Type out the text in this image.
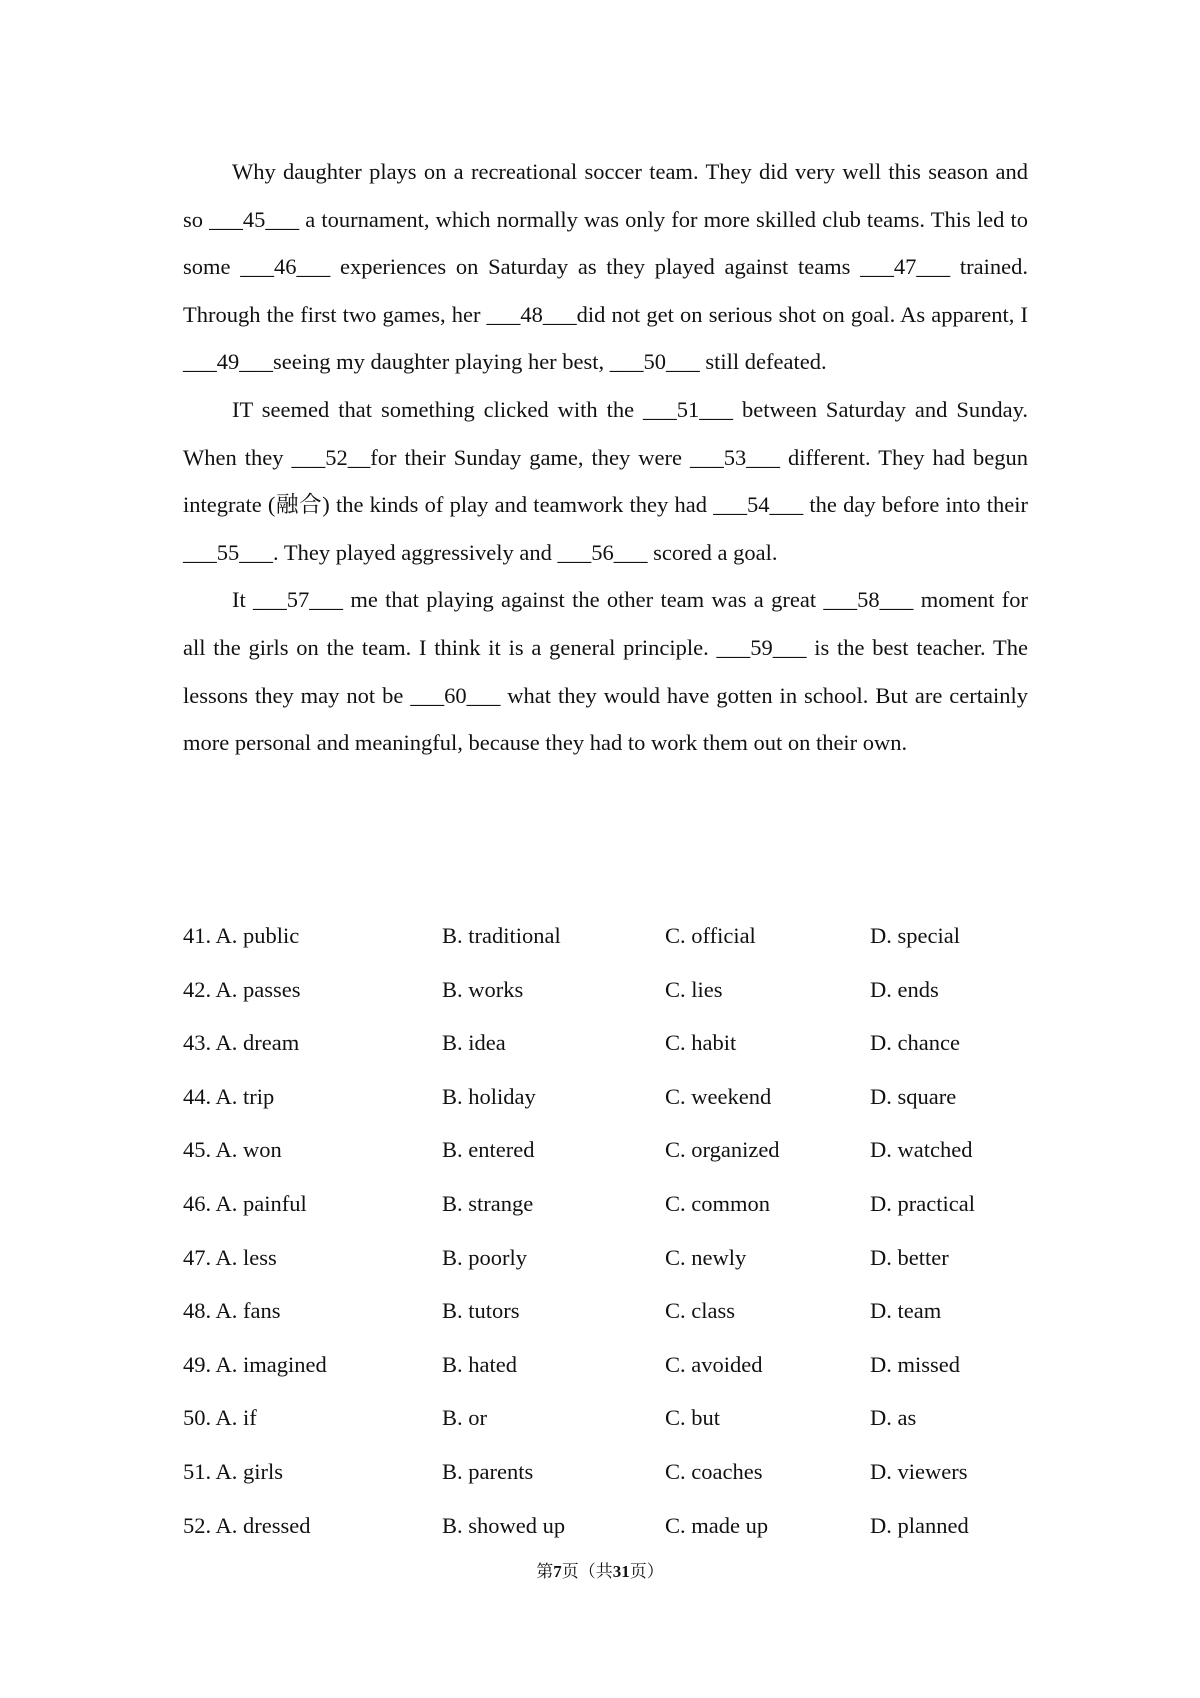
Why daughter plays on a recreational soccer team. They did very well this season and so ___45___ a tournament, which normally was only for more skilled club teams. This led to some ___46___ experiences on Saturday as they played against teams ___47___ trained. Through the first two games, her ___48___did not get on serious shot on goal. As apparent, I ___49___seeing my daughter playing her best, ___50___ still defeated.

IT seemed that something clicked with the ___51___ between Saturday and Sunday. When they ___52__for their Sunday game, they were ___53___ different. They had begun integrate (融合) the kinds of play and teamwork they had ___54___ the day before into their ___55___. They played aggressively and ___56___ scored a goal.

It ___57___ me that playing against the other team was a great ___58___ moment for all the girls on the team. I think it is a general principle. ___59___ is the best teacher. The lessons they may not be ___60___ what they would have gotten in school. But are certainly more personal and meaningful, because they had to work them out on their own.

41. A. public	B. traditional	C. official	D. special
42. A. passes	B. works	C. lies	D. ends
43. A. dream	B. idea	C. habit	D. chance
44. A. trip	B. holiday	C. weekend	D. square
45. A. won	B. entered	C. organized	D. watched
46. A. painful	B. strange	C. common	D. practical
47. A. less	B. poorly	C. newly	D. better
48. A. fans	B. tutors	C. class	D. team
49. A. imagined	B. hated	C. avoided	D. missed
50. A. if	B. or	C. but	D. as
51. A. girls	B. parents	C. coaches	D. viewers
52. A. dressed	B. showed up	C. made up	D. planned
第7页（共31页）
